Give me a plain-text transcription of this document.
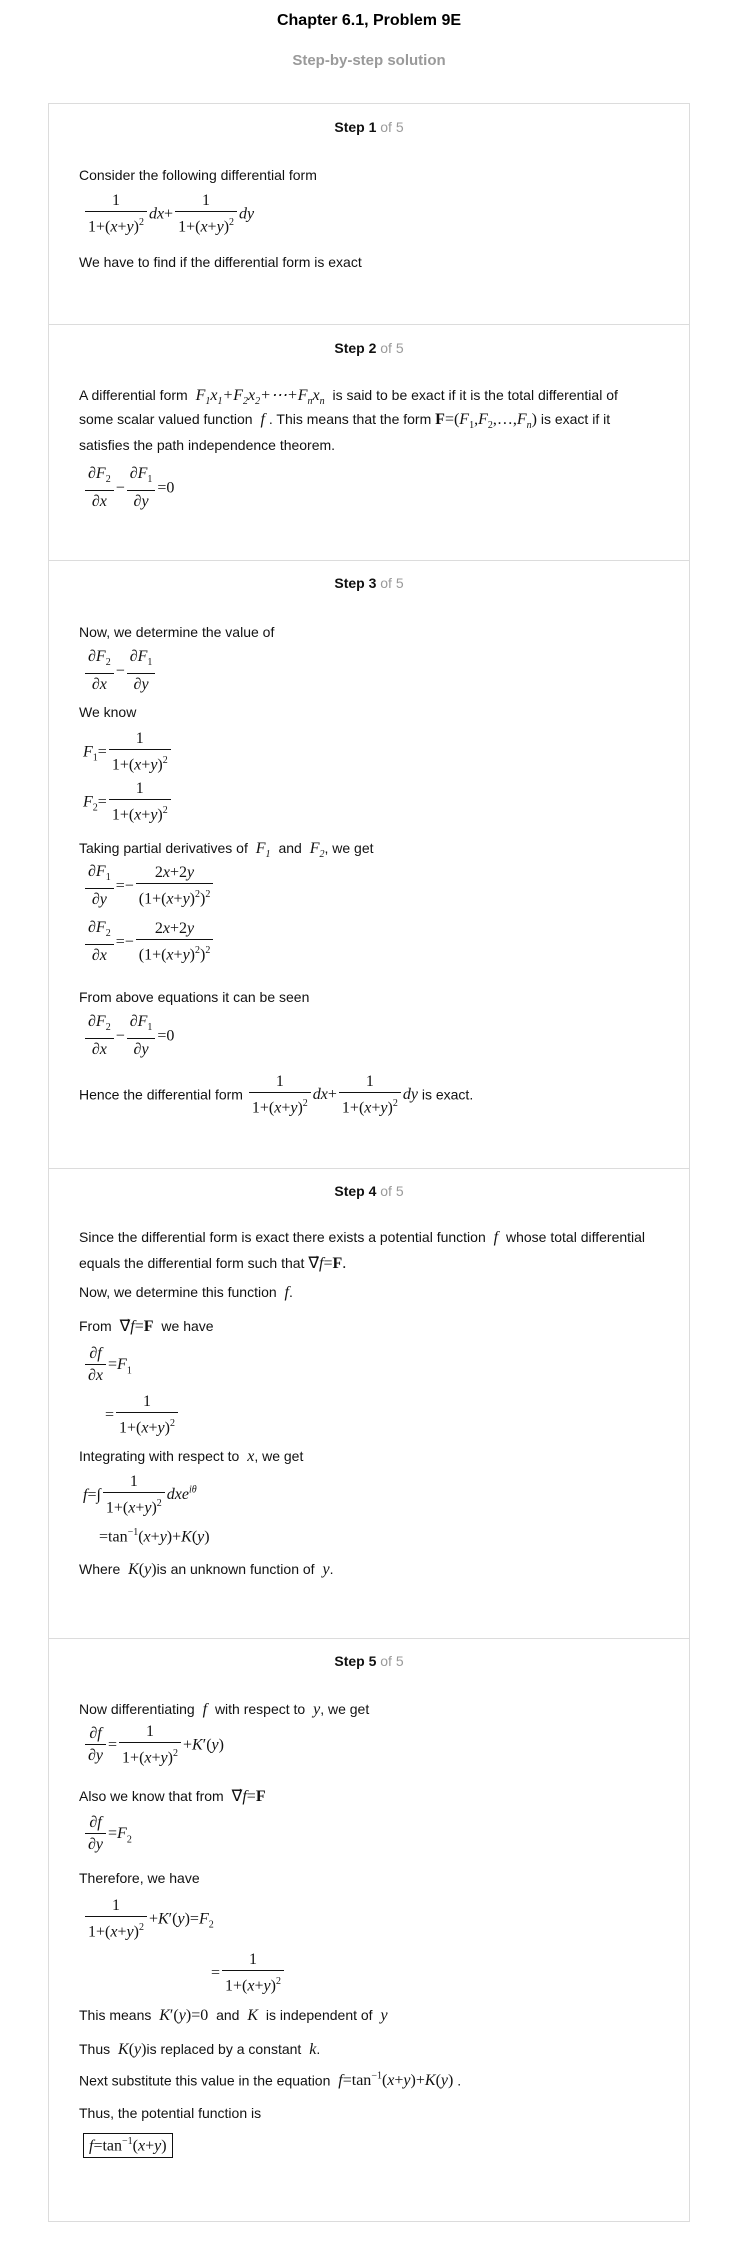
Chapter 6.1, Problem 9E
Step-by-step solution
Step 1 of 5
Consider the following differential form
$\frac{1}{1+(x+y)^2} dx+ \frac{1}{1+(x+y)^2}$ dy
We have to find if the differential form is exact
Step 2 of 5
A differential form  $F_1x_1+F_2x_2+\cdots+F_nx_n$ is said to be exact if it is the total differential of
some scalar valued function  f . This means that the form $F=(F_1,F_2,\dots,F_n)$ is exact if it
satisfies the path independence theorem.
$\frac{\partial F_2}{\partial x} - \frac{\partial F_1}{\partial y} =0$
Step 3 of 5
Now, we determine the value of
$\frac{\partial F_2}{\partial x} - \frac{\partial F_1}{\partial y}$
We know
$F_1= \frac{1}{1+(x+y)^2}$
$F_2= \frac{1}{1+(x+y)^2}$
Taking partial derivatives of  $F_1$ and  $F_2$, we get
$\frac{\partial F_1}{\partial y} =- \frac{2x+2y}{(1+(x+y)^2)^2}$
$\frac{\partial F_2}{\partial x} =- \frac{2x+2y}{(1+(x+y)^2)^2}$
From above equations it can be seen
$\frac{\partial F_2}{\partial x} - \frac{\partial F_1}{\partial y} =0$
Hence the differential form $\frac{1}{1+(x+y)^2} dx+ \frac{1}{1+(x+y)^2}$ dy is exact.
Step 4 of 5
Since the differential form is exact there exists a potential function  f  whose total differential
equals the differential form such that ∇⃗f=F.
Now, we determine this function  f.
From  ∇⃗f=F we have
$\frac{\partial f}{\partial x} =F_1$
= $\frac{1}{1+(x+y)^2}$
Integrating with respect to  x, we get
$f=\int \frac{1}{1+(x+y)^2} dxe^{i\theta}$
$=\tan^{-1}(x+y)+K(y)$
Where K(y)is an unknown function of  y.
Step 5 of 5
Now differentiating  f  with respect to  y, we get
$\frac{\partial f}{\partial y} = \frac{1}{1+(x+y)^2} +K'(y)$
Also we know that from  ∇⃗f=F
$\frac{\partial f}{\partial y} =F_2$
Therefore, we have
$\frac{1}{1+(x+y)^2} +K'(y)=F_2$
= $\frac{1}{1+(x+y)^2}$
This means K′(y)=0  and  K  is independent of  y
Thus K(y)is replaced by a constant  k.
Next substitute this value in the equation $f=\tan^{-1}(x+y)+K(y)$ .
Thus, the potential function is
$f=\tan^{-1}(x+y)$
